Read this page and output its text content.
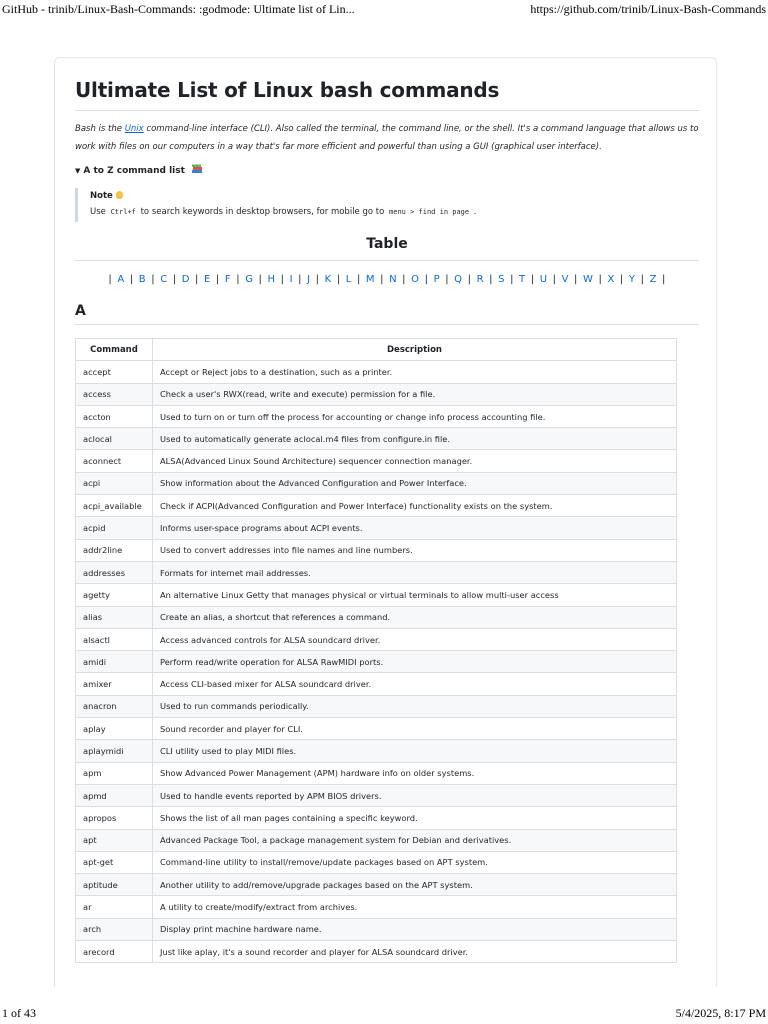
GitHub - trinib/Linux-Bash-Commands: :godmode: Ultimate list of Lin...	https://github.com/trinib/Linux-Bash-Commands
Ultimate List of Linux bash commands
Bash is the Unix command-line interface (CLI). Also called the terminal, the command line, or the shell. It's a command language that allows us to work with files on our computers in a way that's far more efficient and powerful than using a GUI (graphical user interface).
▼ A to Z command list
Note
Use Ctrl+f to search keywords in desktop browsers, for mobile go to menu > find in page .
Table
| A | B | C | D | E | F | G | H | I | J | K | L | M | N | O | P | Q | R | S | T | U | V | W | X | Y | Z |
A
Command	Description
accept	Accept or Reject jobs to a destination, such as a printer.
access	Check a user's RWX(read, write and execute) permission for a file.
accton	Used to turn on or turn off the process for accounting or change info process accounting file.
aclocal	Used to automatically generate aclocal.m4 files from configure.in file.
aconnect	ALSA(Advanced Linux Sound Architecture) sequencer connection manager.
acpi	Show information about the Advanced Configuration and Power Interface.
acpi_available	Check if ACPI(Advanced Configuration and Power Interface) functionality exists on the system.
acpid	Informs user-space programs about ACPI events.
addr2line	Used to convert addresses into file names and line numbers.
addresses	Formats for internet mail addresses.
agetty	An alternative Linux Getty that manages physical or virtual terminals to allow multi-user access
alias	Create an alias, a shortcut that references a command.
alsactl	Access advanced controls for ALSA soundcard driver.
amidi	Perform read/write operation for ALSA RawMIDI ports.
amixer	Access CLI-based mixer for ALSA soundcard driver.
anacron	Used to run commands periodically.
aplay	Sound recorder and player for CLI.
aplaymidi	CLI utility used to play MIDI files.
apm	Show Advanced Power Management (APM) hardware info on older systems.
apmd	Used to handle events reported by APM BIOS drivers.
apropos	Shows the list of all man pages containing a specific keyword.
apt	Advanced Package Tool, a package management system for Debian and derivatives.
apt-get	Command-line utility to install/remove/update packages based on APT system.
aptitude	Another utility to add/remove/upgrade packages based on the APT system.
ar	A utility to create/modify/extract from archives.
arch	Display print machine hardware name.
arecord	Just like aplay, it's a sound recorder and player for ALSA soundcard driver.
1 of 43	5/4/2025, 8:17 PM
